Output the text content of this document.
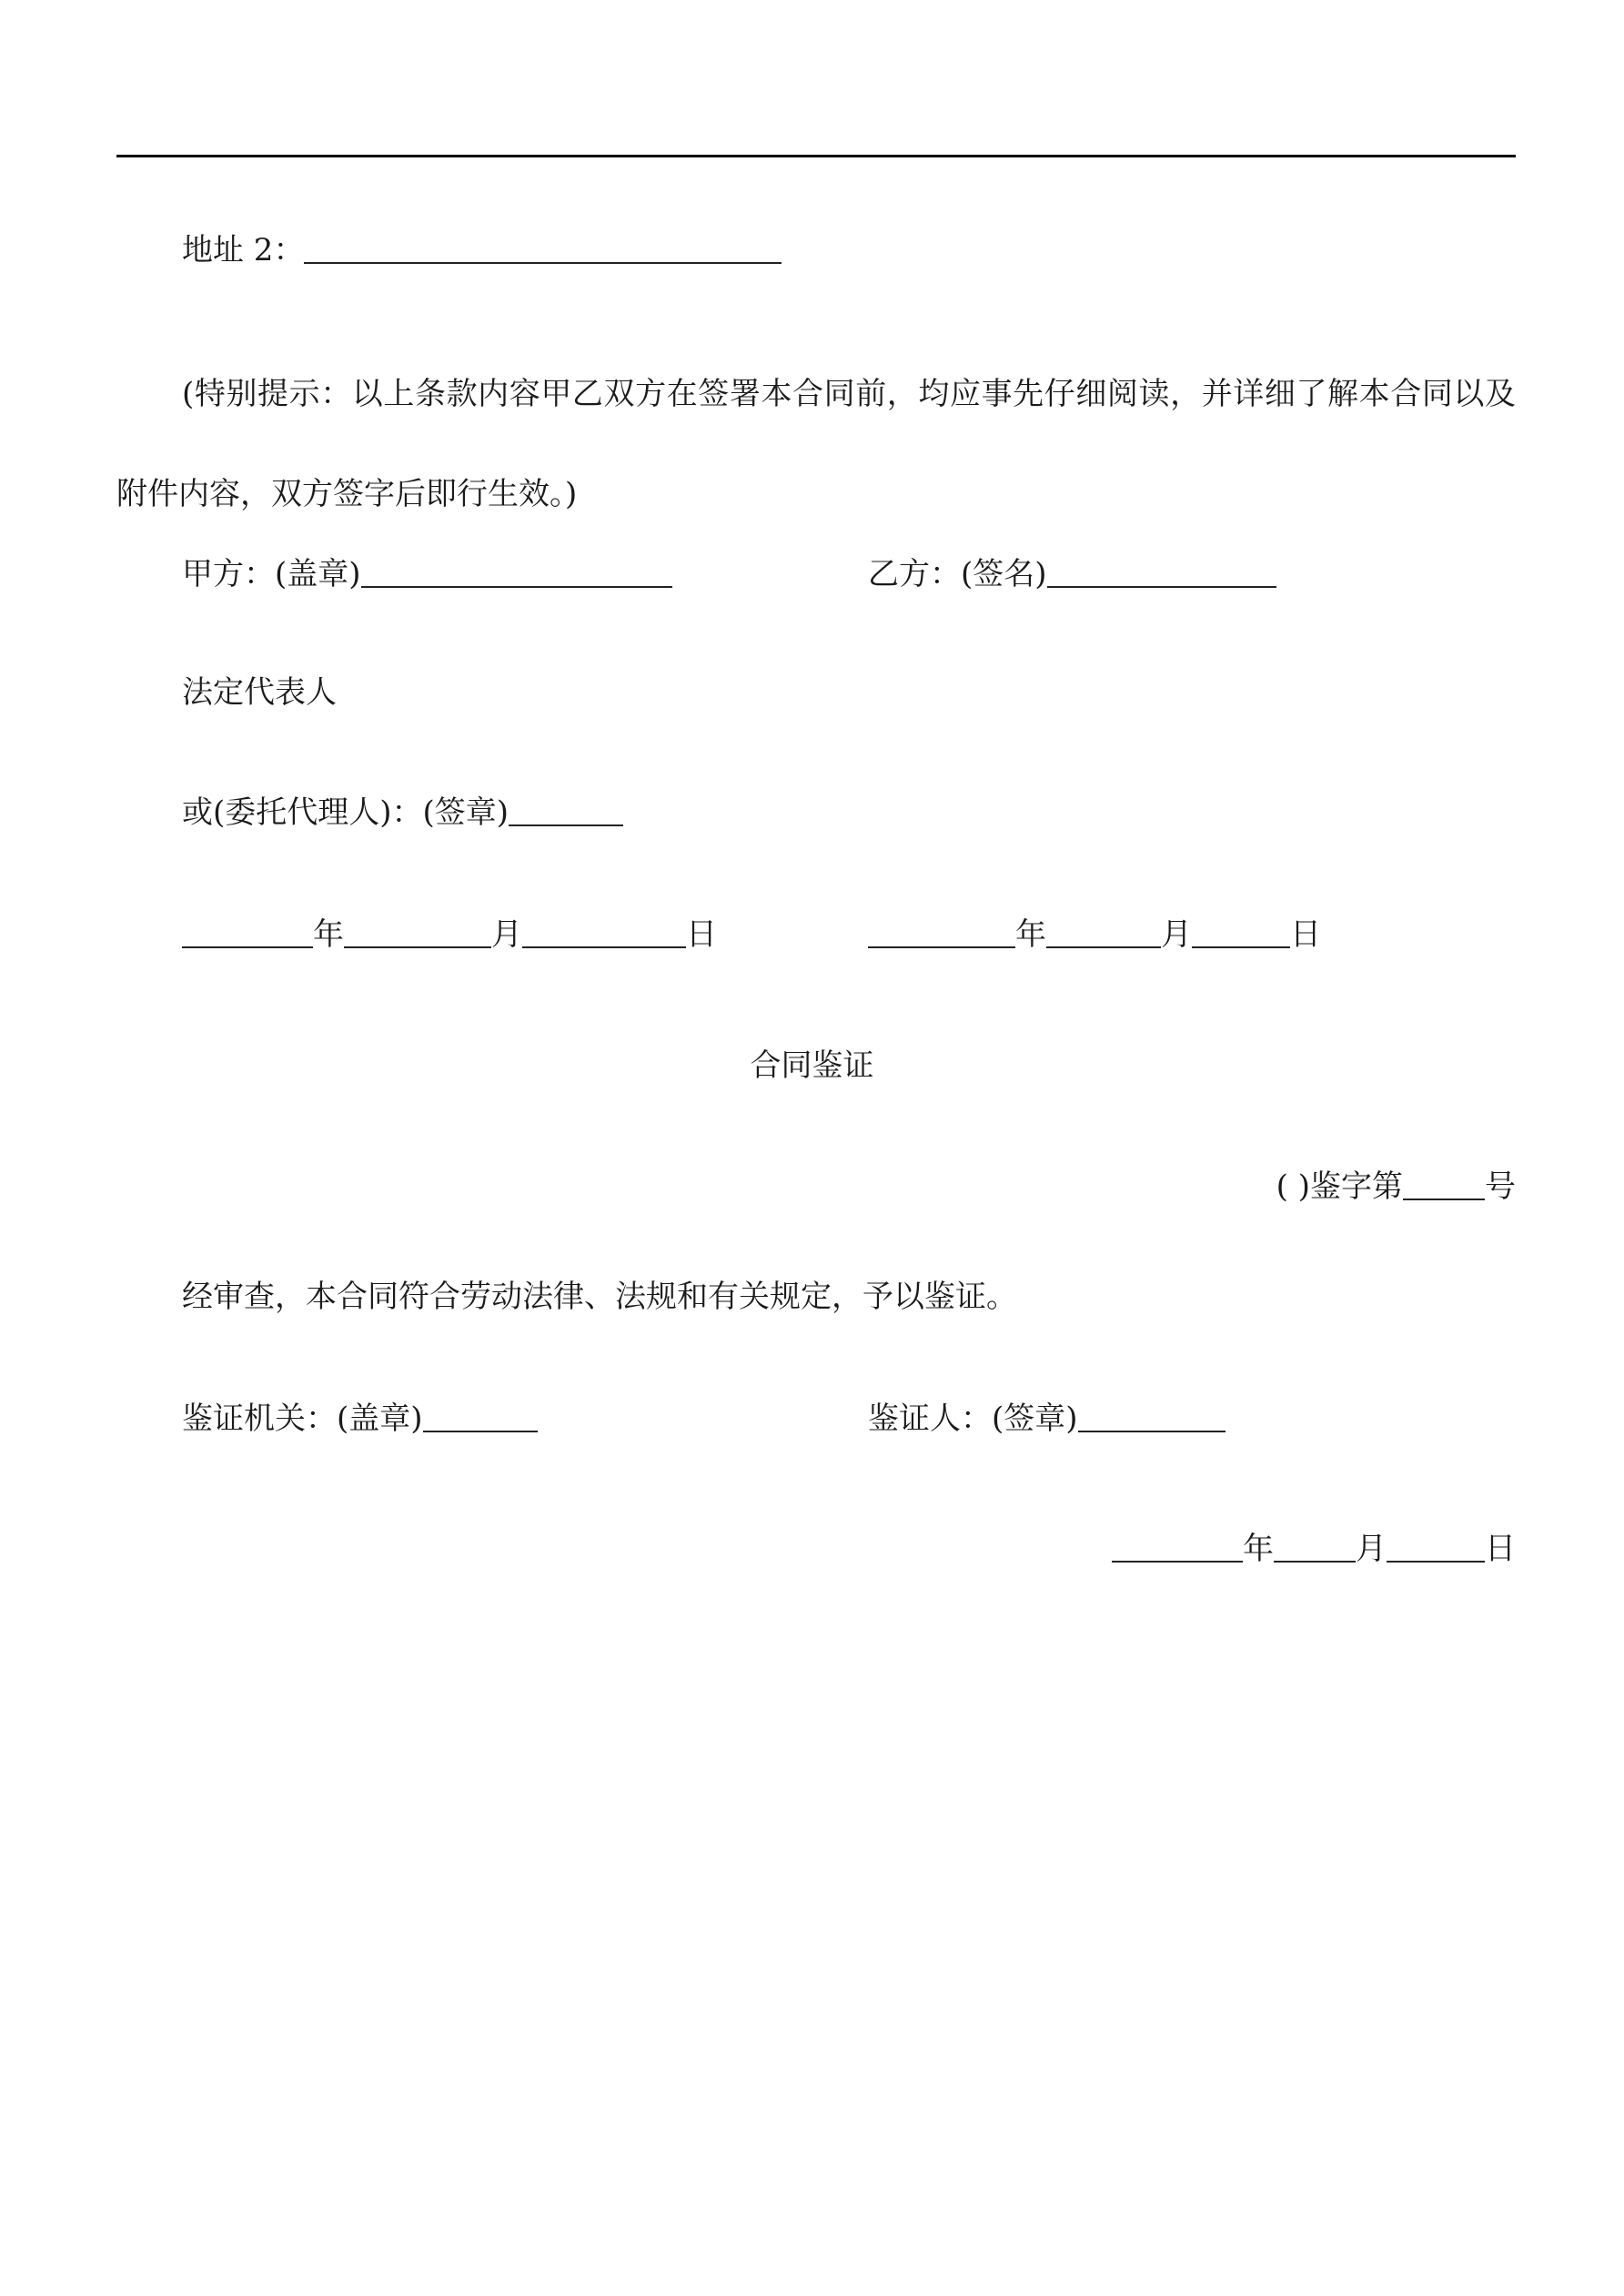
地址 2：
(特别提示：以上条款内容甲乙双方在签署本合同前，均应事先仔细阅读，并详细了解本合同以及附件内容，双方签字后即行生效。)
甲方：(盖章)	乙方：(签名)
法定代表人
或(委托代理人)：(签章)
年	月	日	年	月	日
合同鉴证
( )鉴字第	号
经审查，本合同符合劳动法律、法规和有关规定，予以鉴证。
鉴证机关：(盖章)	鉴证人：(签章)
年	月	日
